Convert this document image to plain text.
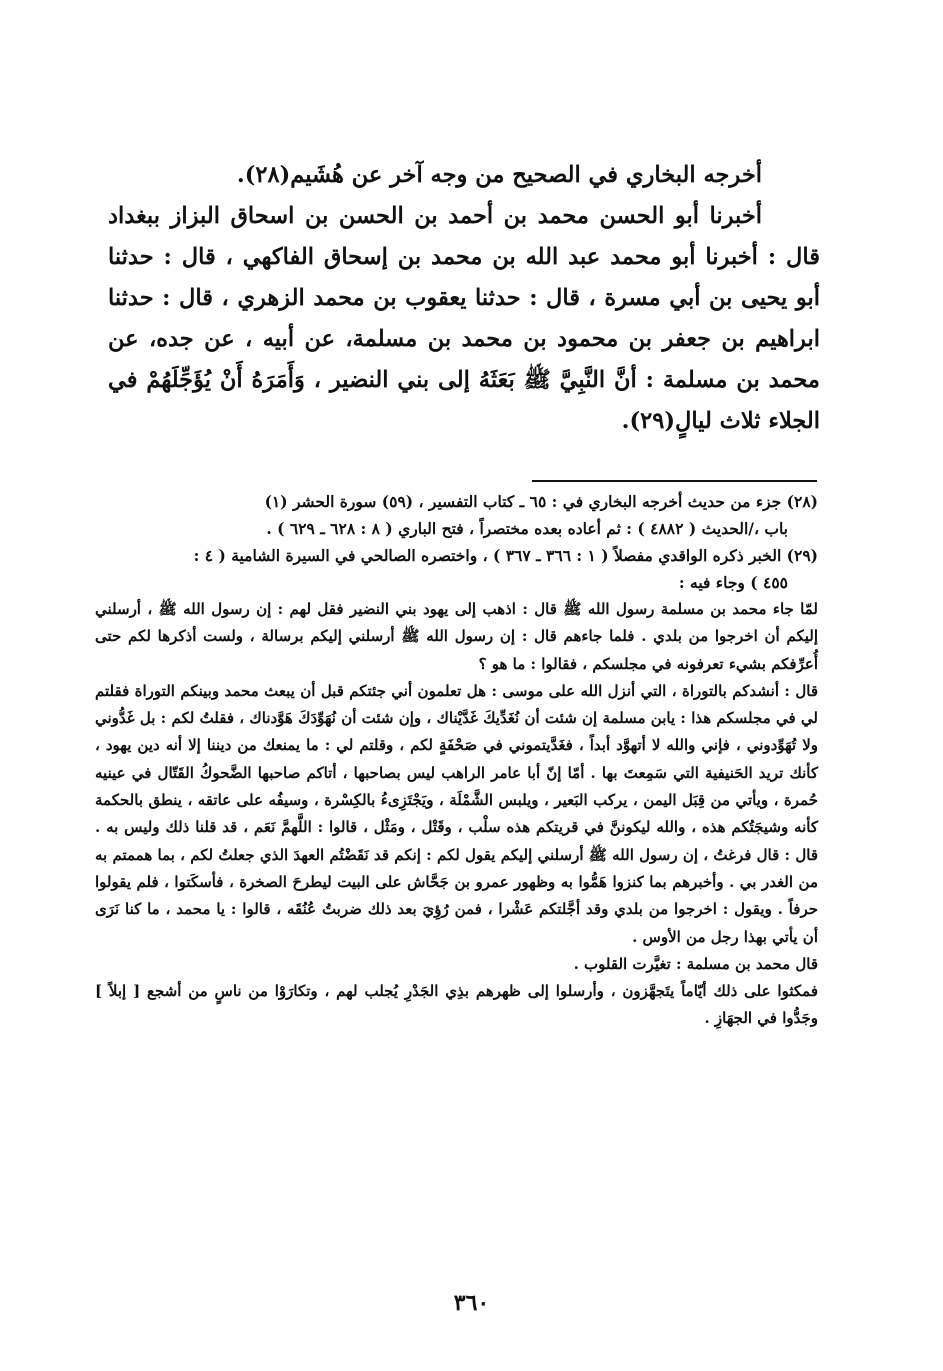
أخرجه البخاري في الصحيح من وجه آخر عن هُشَيم(٢٨).

أخبرنا أبو الحسن محمد بن أحمد بن الحسن بن اسحاق البزاز ببغداد قال : أخبرنا أبو محمد عبد الله بن محمد بن إسحاق الفاكهي ، قال : حدثنا أبو يحيى بن أبي مسرة ، قال : حدثنا يعقوب بن محمد الزهري ، قال : حدثنا ابراهيم بن جعفر بن محمود بن محمد بن مسلمة، عن أبيه ، عن جده، عن محمد بن مسلمة : أنَّ النَّبِيَّ ﷺ بَعَثَهُ إلى بني النضير ، وَأَمَرَهُ أَنْ يُؤَجِّلَهُمْ في الجلاء ثلاث ليالٍ(٢٩).

(٢٨) جزء من حديث أخرجه البخاري في : ٦٥ ـ كتاب التفسير ، (٥٩) سورة الحشر (١)

باب ،/الحديث ( ٤٨٨٢ ) : ثم أعاده بعده مختصراً ، فتح الباري ( ٨ : ٦٢٨ ـ ٦٢٩ ) .

(٢٩) الخبر ذكره الواقدي مفصلاً ( ١ : ٣٦٦ ـ ٣٦٧ ) ، واختصره الصالحي في السيرة الشامية ( ٤ :

٤٥٥ ) وجاء فيه :

لمّا جاء محمد بن مسلمة رسول الله ﷺ قال : اذهب إلى يهود بني النضير فقل لهم : إن رسول الله ﷺ ، أرسلني إليكم أن اخرجوا من بلدي . فلما جاءهم قال : إن رسول الله ﷺ أرسلني إليكم برسالة ، ولست أذكرها لكم حتى أُعرِّفكم بشيء تعرفونه في مجلسكم ، فقالوا : ما هو ؟

قال : أنشدكم بالتوراة ، التي أنزل الله على موسى : هل تعلمون أني جئتكم قبل أن يبعث محمد وبينكم التوراة فقلتم لي في مجلسكم هذا : يابن مسلمة إن شئت أن نُغَدِّيكَ غَدَّيْناك ، وإن شئت أن نُهَوِّدَكَ هَوَّدناك ، فقلتُ لكم : بل غَدُّوني ولا تُهَوِّدوني ، فإني والله لا أتهوَّد أبداً ، فغَدَّيتموني في صَحْفَةٍ لكم ، وقلتم لي : ما يمنعك من ديننا إلا أنه دين يهود ، كأنك تريد الحَنيفية التي سَمِعتَ بها . أمّا إنّ أبا عامر الراهب ليس بصاحبها ، أتاكم صاحبها الضَّحوكُ القَتّال في عينيه حُمرة ، ويأتي من قِبَل اليمن ، يركب البَعير ، ويلبس الشَّمْلَة ، ويَجْتَزِىءُ بالكِسْرة ، وسيفُه على عاتقه ، ينطق بالحكمة كأنه وشيجَتُكم هذه ، والله ليكوننَّ في قريتكم هذه سلْب ، وقَتْل ، ومَثْل ، قالوا : اللَّهمَّ نَعَم ، قد قلنا ذلك وليس به . قال : قال فرغتُ ، إن رسول الله ﷺ أرسلني إليكم يقول لكم : إنكم قد نَقَضْتُم العهدَ الذي جعلتُ لكم ، بما هممتم به من الغدر بي . وأخبرهم بما كنزوا هَمُّوا به وظهور عمرو بن جَحَّاش على البيت ليطرحَ الصخرة ، فأسكَتوا ، فلم يقولوا حرفاً . ويقول : اخرجوا من بلدي وقد أجَّلتكم عَشْرا ، فمن رُؤِيَ بعد ذلك ضربتُ عُنُقَه ، قالوا : يا محمد ، ما كنا نَرَى أن يأتي بهذا رجل من الأوس .

قال محمد بن مسلمة : تغيَّرت القلوب .

فمكثوا على ذلك أيّاماً يتَجهَّزون ، وأرسلوا إلى ظهرهم بذِي الجَدْرِ يُجلب لهم ، وتكارَوْا من ناسٍ من أشجع [ إبلاً ] وجَدُّوا في الجهَازِ .

٣٦٠
